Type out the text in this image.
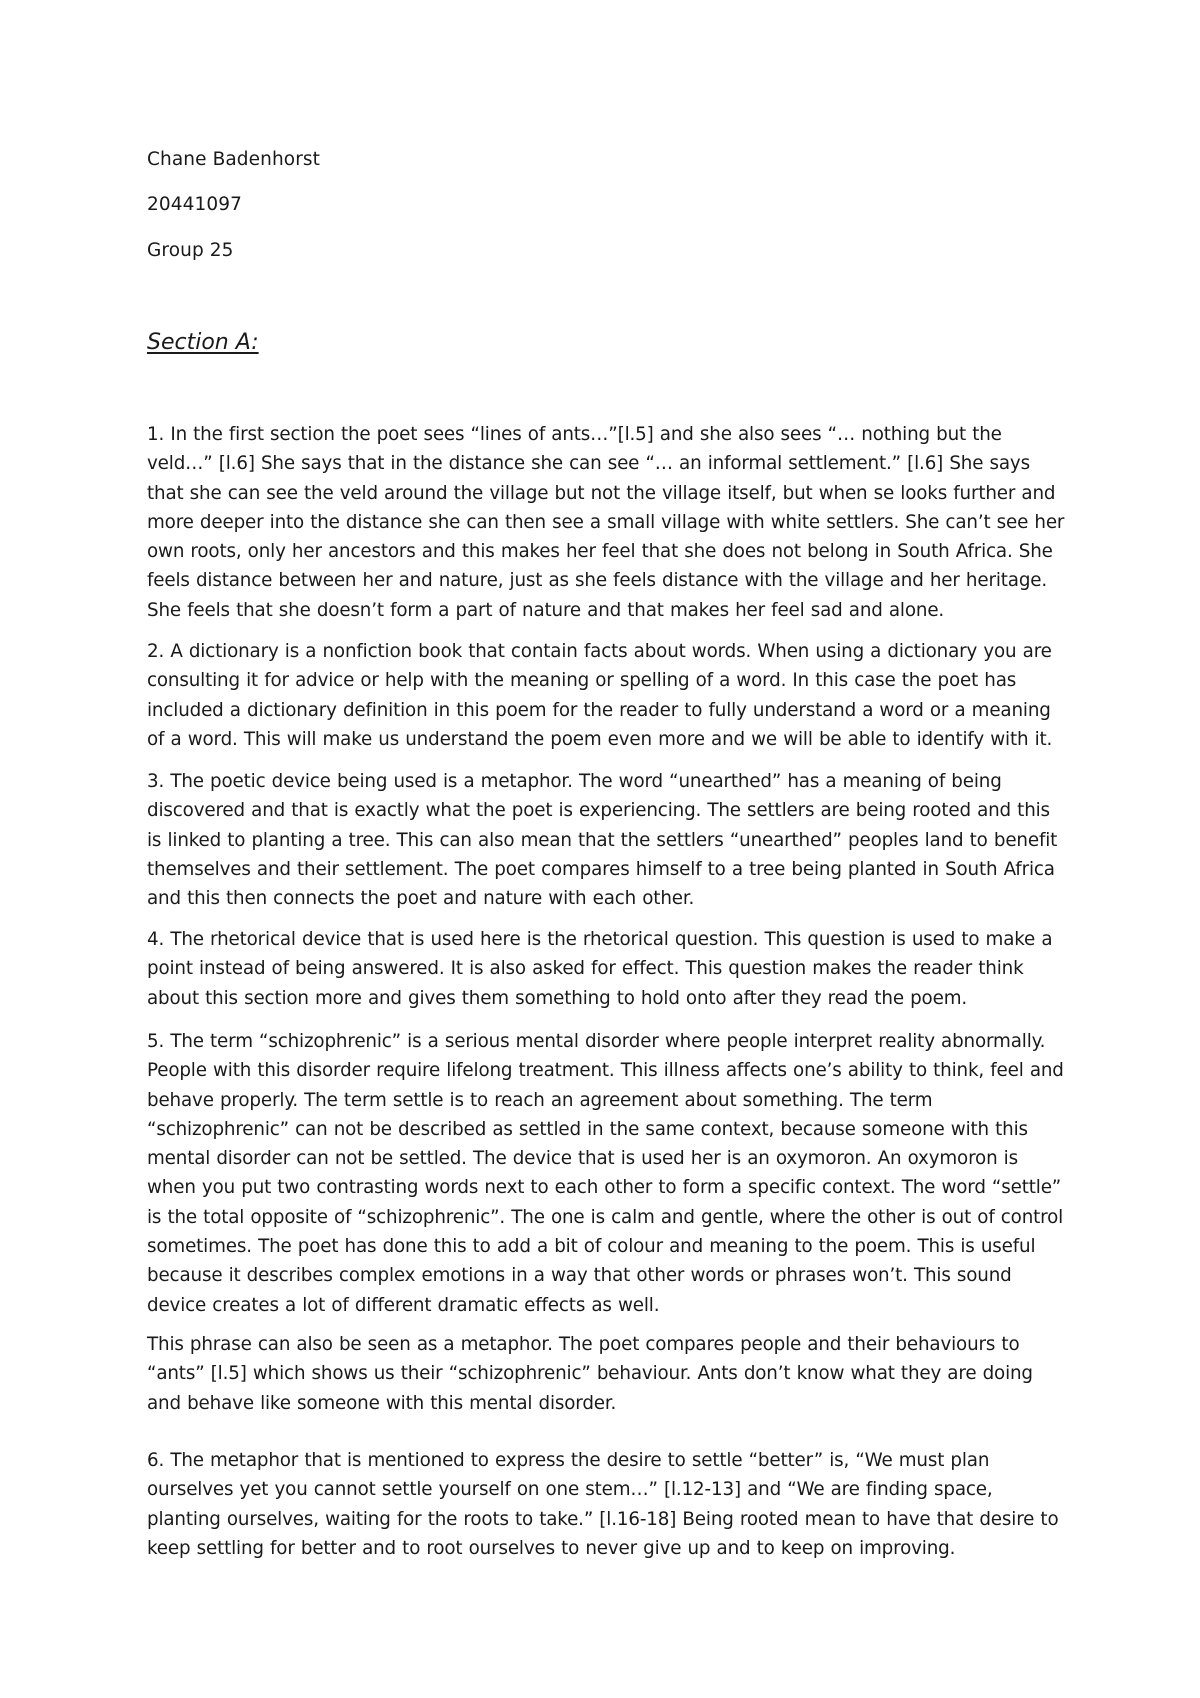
Chane Badenhorst
20441097
Group 25
Section A:
1. In the first section the poet sees “lines of ants…”[l.5] and she also sees “… nothing but the veld…” [l.6] She says that in the distance she can see “… an informal settlement.” [l.6] She says that she can see the veld around the village but not the village itself, but when se looks further and more deeper into the distance she can then see a small village with white settlers. She can’t see her own roots, only her ancestors and this makes her feel that she does not belong in South Africa. She feels distance between her and nature, just as she feels distance with the village and her heritage. She feels that she doesn’t form a part of nature and that makes her feel sad and alone.
2. A dictionary is a nonfiction book that contain facts about words. When using a dictionary you are consulting it for advice or help with the meaning or spelling of a word. In this case the poet has included a dictionary definition in this poem for the reader to fully understand a word or a meaning of a word. This will make us understand the poem even more and we will be able to identify with it.
3. The poetic device being used is a metaphor. The word “unearthed” has a meaning of being discovered and that is exactly what the poet is experiencing. The settlers are being rooted and this is linked to planting a tree. This can also mean that the settlers “unearthed” peoples land to benefit themselves and their settlement. The poet compares himself to a tree being planted in South Africa and this then connects the poet and nature with each other.
4. The rhetorical device that is used here is the rhetorical question. This question is used to make a point instead of being answered. It is also asked for effect. This question makes the reader think about this section more and gives them something to hold onto after they read the poem.
5. The term “schizophrenic” is a serious mental disorder where people interpret reality abnormally. People with this disorder require lifelong treatment. This illness affects one’s ability to think, feel and behave properly. The term settle is to reach an agreement about something. The term “schizophrenic” can not be described as settled in the same context, because someone with this mental disorder can not be settled. The device that is used her is an oxymoron. An oxymoron is when you put two contrasting words next to each other to form a specific context. The word “settle” is the total opposite of “schizophrenic”. The one is calm and gentle, where the other is out of control sometimes. The poet has done this to add a bit of colour and meaning to the poem. This is useful because it describes complex emotions in a way that other words or phrases won’t. This sound device creates a lot of different dramatic effects as well.
This phrase can also be seen as a metaphor. The poet compares people and their behaviours to “ants” [l.5] which shows us their “schizophrenic” behaviour. Ants don’t know what they are doing and behave like someone with this mental disorder.
6. The metaphor that is mentioned to express the desire to settle “better” is, “We must plan ourselves yet you cannot settle yourself on one stem…” [l.12-13] and “We are finding space, planting ourselves, waiting for the roots to take.” [l.16-18] Being rooted mean to have that desire to keep settling for better and to root ourselves to never give up and to keep on improving.
